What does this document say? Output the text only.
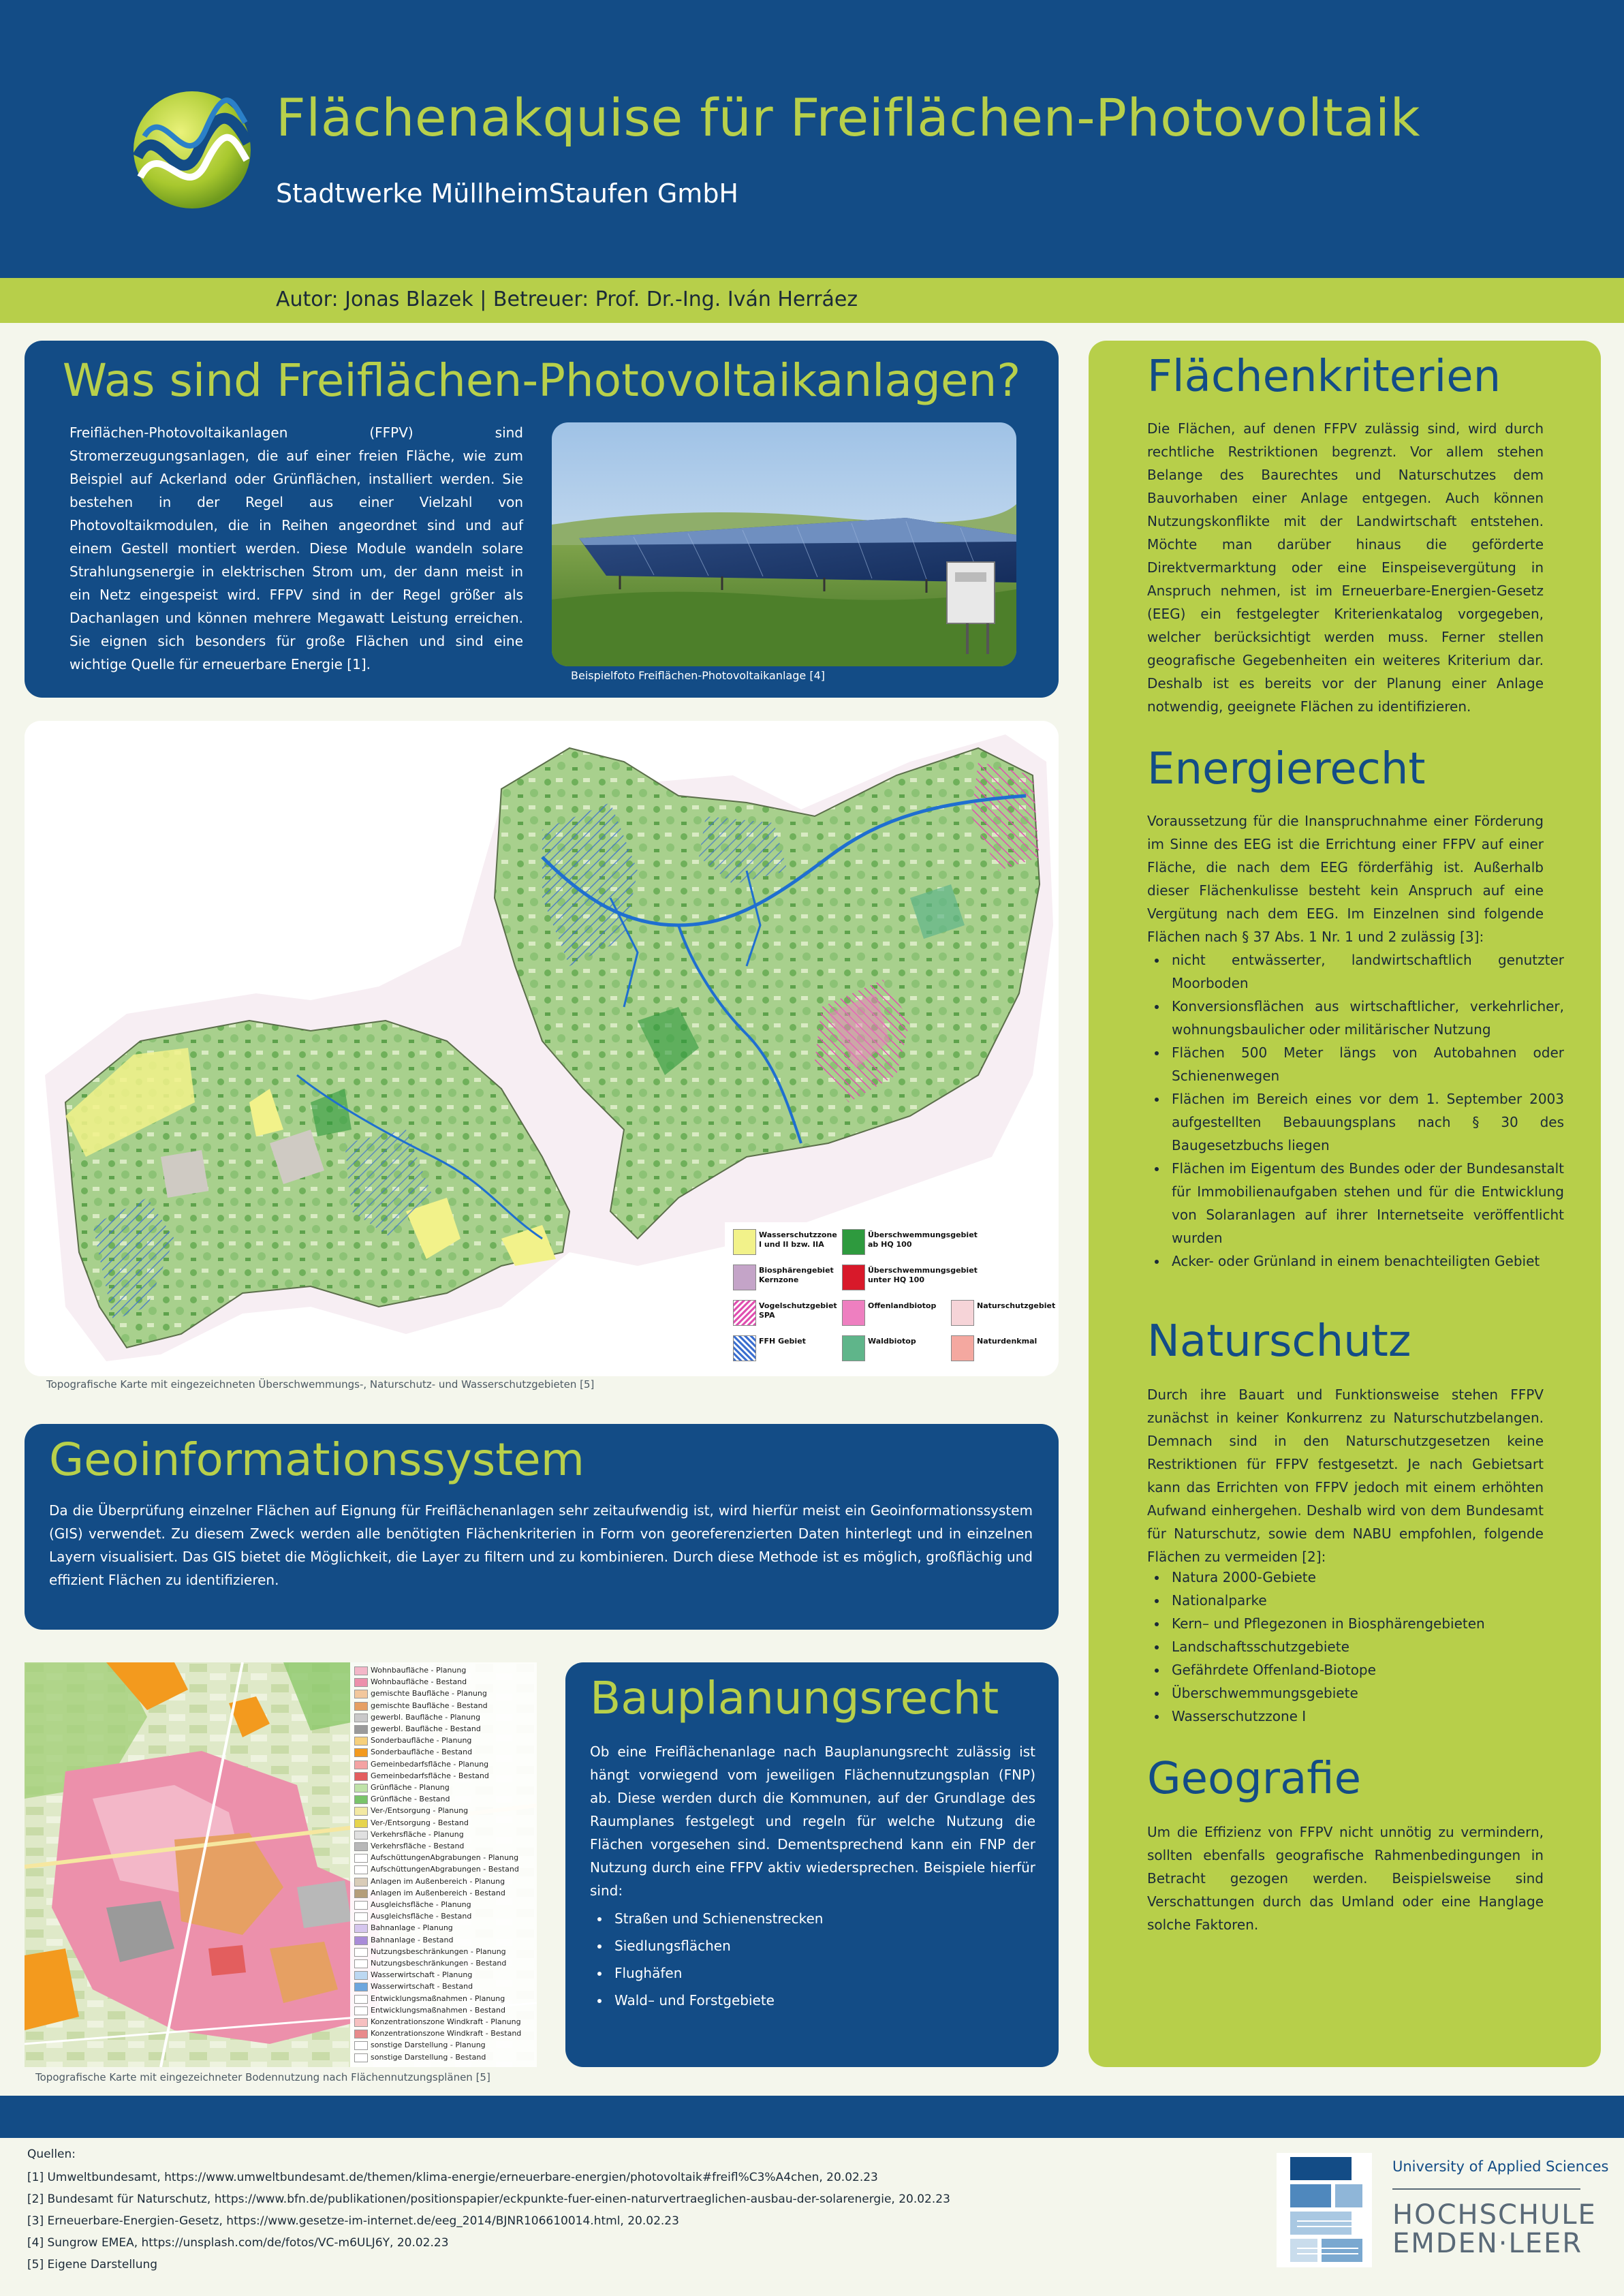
Flächenakquise für Freiflächen-Photovoltaik
Stadtwerke MüllheimStaufen GmbH
Autor: Jonas Blazek | Betreuer: Prof. Dr.-Ing. Iván Herráez
Was sind Freiflächen-Photovoltaikanlagen?
Freiflächen-Photovoltaikanlagen (FFPV) sind Stromerzeugungsanlagen, die auf einer freien Fläche, wie zum Beispiel auf Ackerland oder Grünflächen, installiert werden. Sie bestehen in der Regel aus einer Vielzahl von Photovoltaikmodulen, die in Reihen angeordnet sind und auf einem Gestell montiert werden. Diese Module wandeln solare Strahlungsenergie in elektrischen Strom um, der dann meist in ein Netz eingespeist wird. FFPV sind in der Regel größer als Dachanlagen und können mehrere Megawatt Leistung erreichen. Sie eignen sich besonders für große Flächen und sind eine wichtige Quelle für erneuerbare Energie [1].
Beispielfoto Freiflächen-Photovoltaikanlage [4]
Wasserschutzzone
I und II bzw. IIA
Überschwemmungsgebiet
ab HQ 100
Biosphärengebiet
Kernzone
Überschwemmungsgebiet
unter HQ 100
Vogelschutzgebiet
SPA
Offenlandbiotop	Naturschutzgebiet
FFH Gebiet	Waldbiotop	Naturdenkmal
Topografische Karte mit eingezeichneten Überschwemmungs-, Naturschutz- und Wasserschutzgebieten [5]
Geoinformationssystem
Da die Überprüfung einzelner Flächen auf Eignung für Freiflächenanlagen sehr zeitaufwendig ist, wird hierfür meist ein Geoinformationssystem (GIS) verwendet. Zu diesem Zweck werden alle benötigten Flächenkriterien in Form von georeferenzierten Daten hinterlegt und in einzelnen Layern visualisiert. Das GIS bietet die Möglichkeit, die Layer zu filtern und zu kombinieren. Durch diese Methode ist es möglich, großflächig und effizient Flächen zu identifizieren.
Wohnbaufläche - Planung
Wohnbaufläche - Bestand
gemischte Baufläche - Planung
gemischte Baufläche - Bestand
gewerbl. Baufläche - Planung
gewerbl. Baufläche - Bestand
Sonderbaufläche - Planung
Sonderbaufläche - Bestand
Gemeinbedarfsfläche - Planung
Gemeinbedarfsfläche - Bestand
Grünfläche - Planung
Grünfläche - Bestand
Ver-/Entsorgung - Planung
Ver-/Entsorgung - Bestand
Verkehrsfläche - Planung
Verkehrsfläche - Bestand
AufschüttungenAbgrabungen - Planung
AufschüttungenAbgrabungen - Bestand
Anlagen im Außenbereich - Planung
Anlagen im Außenbereich - Bestand
Ausgleichsfläche - Planung
Ausgleichsfläche - Bestand
Bahnanlage - Planung
Bahnanlage - Bestand
Nutzungsbeschränkungen - Planung
Nutzungsbeschränkungen - Bestand
Wasserwirtschaft - Planung
Wasserwirtschaft - Bestand
Entwicklungsmaßnahmen - Planung
Entwicklungsmaßnahmen - Bestand
Konzentrationszone Windkraft - Planung
Konzentrationszone Windkraft - Bestand
sonstige Darstellung - Planung
sonstige Darstellung - Bestand
Topografische Karte mit eingezeichneter Bodennutzung nach Flächennutzungsplänen [5]
Bauplanungsrecht
Ob eine Freiflächenanlage nach Bauplanungsrecht zulässig ist hängt vorwiegend vom jeweiligen Flächennutzungsplan (FNP) ab. Diese werden durch die Kommunen, auf der Grundlage des Raumplanes festgelegt und regeln für welche Nutzung die Flächen vorgesehen sind. Dementsprechend kann ein FNP der Nutzung durch eine FFPV aktiv wiedersprechen. Beispiele hierfür sind:
• Straßen und Schienenstrecken
• Siedlungsflächen
• Flughäfen
• Wald– und Forstgebiete
Flächenkriterien
Die Flächen, auf denen FFPV zulässig sind, wird durch rechtliche Restriktionen begrenzt. Vor allem stehen Belange des Baurechtes und Naturschutzes dem Bauvorhaben einer Anlage entgegen. Auch können Nutzungskonflikte mit der Landwirtschaft entstehen. Möchte man darüber hinaus die geförderte Direktvermarktung oder eine Einspeisevergütung in Anspruch nehmen, ist im Erneuerbare-Energien-Gesetz (EEG) ein festgelegter Kriterienkatalog vorgegeben, welcher berücksichtigt werden muss. Ferner stellen geografische Gegebenheiten ein weiteres Kriterium dar. Deshalb ist es bereits vor der Planung einer Anlage notwendig, geeignete Flächen zu identifizieren.
Energierecht
Voraussetzung für die Inanspruchnahme einer Förderung im Sinne des EEG ist die Errichtung einer FFPV auf einer Fläche, die nach dem EEG förderfähig ist. Außerhalb dieser Flächenkulisse besteht kein Anspruch auf eine Vergütung nach dem EEG. Im Einzelnen sind folgende Flächen nach § 37 Abs. 1 Nr. 1 und 2 zulässig [3]:
• nicht entwässerter, landwirtschaftlich genutzter Moorboden
• Konversionsflächen aus wirtschaftlicher, verkehrlicher, wohnungsbaulicher oder militärischer Nutzung
• Flächen 500 Meter längs von Autobahnen oder Schienenwegen
• Flächen im Bereich eines vor dem 1. September 2003 aufgestellten Bebauungsplans nach § 30 des Baugesetzbuchs liegen
• Flächen im Eigentum des Bundes oder der Bundesanstalt für Immobilienaufgaben stehen und für die Entwicklung von Solaranlagen auf ihrer Internetseite veröffentlicht wurden
• Acker- oder Grünland in einem benachteiligten Gebiet
Naturschutz
Durch ihre Bauart und Funktionsweise stehen FFPV zunächst in keiner Konkurrenz zu Naturschutzbelangen. Demnach sind in den Naturschutzgesetzen keine Restriktionen für FFPV festgesetzt. Je nach Gebietsart kann das Errichten von FFPV jedoch mit einem erhöhten Aufwand einhergehen. Deshalb wird von dem Bundesamt für Naturschutz, sowie dem NABU empfohlen, folgende Flächen zu vermeiden [2]:
• Natura 2000-Gebiete
• Nationalparke
• Kern– und Pflegezonen in Biosphärengebieten
• Landschaftsschutzgebiete
• Gefährdete Offenland-Biotope
• Überschwemmungsgebiete
• Wasserschutzzone I
Geografie
Um die Effizienz von FFPV nicht unnötig zu vermindern, sollten ebenfalls geografische Rahmenbedingungen in Betracht gezogen werden. Beispielsweise sind Verschattungen durch das Umland oder eine Hanglage solche Faktoren.
Quellen:
[1] Umweltbundesamt, https://www.umweltbundesamt.de/themen/klima-energie/erneuerbare-energien/photovoltaik#freifl%C3%A4chen, 20.02.23
[2] Bundesamt für Naturschutz, https://www.bfn.de/publikationen/positionspapier/eckpunkte-fuer-einen-naturvertraeglichen-ausbau-der-solarenergie, 20.02.23
[3] Erneuerbare-Energien-Gesetz, https://www.gesetze-im-internet.de/eeg_2014/BJNR106610014.html, 20.02.23
[4] Sungrow EMEA, https://unsplash.com/de/fotos/VC-m6ULJ6Y, 20.02.23
[5] Eigene Darstellung
University of Applied Sciences
HOCHSCHULE
EMDEN·LEER
